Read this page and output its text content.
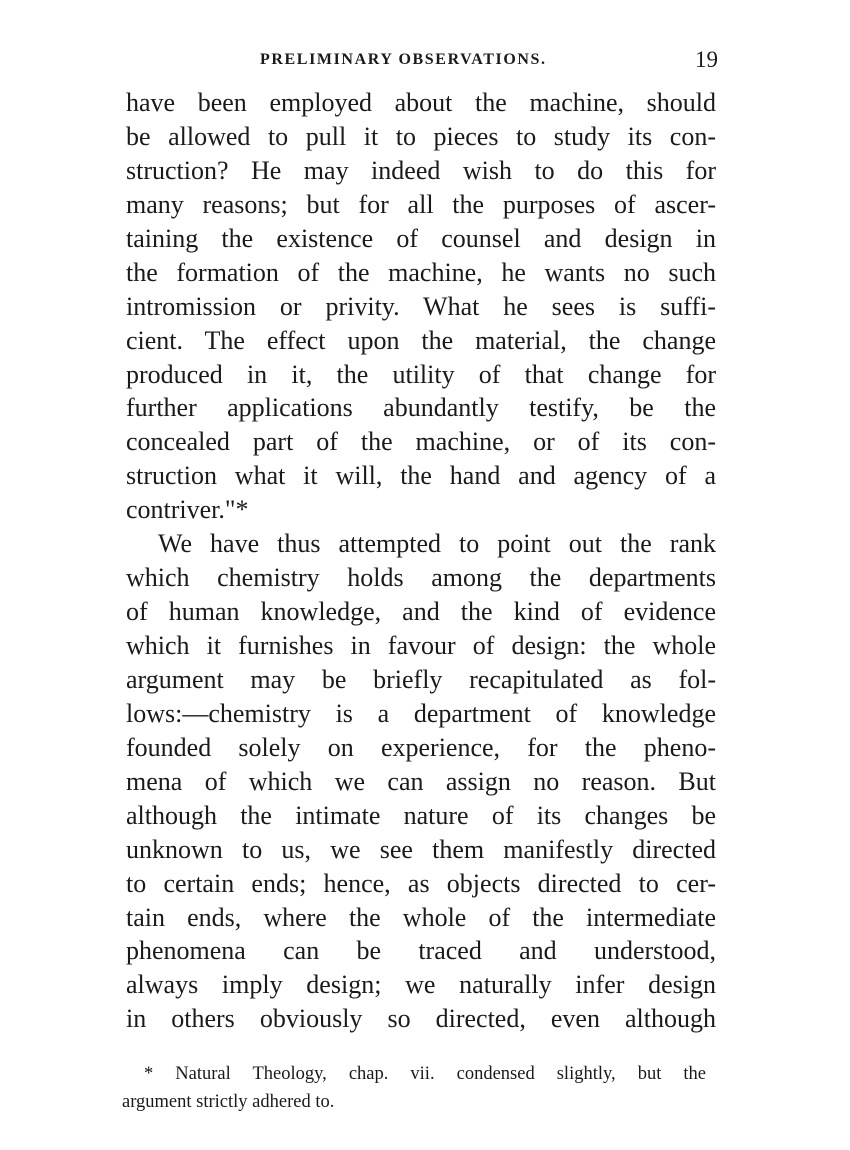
PRELIMINARY OBSERVATIONS.	19
have been employed about the machine, should
be allowed to pull it to pieces to study its con-
struction? He may indeed wish to do this for
many reasons; but for all the purposes of ascer-
taining the existence of counsel and design in
the formation of the machine, he wants no such
intromission or privity. What he sees is suffi-
cient. The effect upon the material, the change
produced in it, the utility of that change for
further applications abundantly testify, be the
concealed part of the machine, or of its con-
struction what it will, the hand and agency of a
contriver."*
We have thus attempted to point out the rank
which chemistry holds among the departments
of human knowledge, and the kind of evidence
which it furnishes in favour of design: the whole
argument may be briefly recapitulated as fol-
lows:—chemistry is a department of knowledge
founded solely on experience, for the pheno-
mena of which we can assign no reason. But
although the intimate nature of its changes be
unknown to us, we see them manifestly directed
to certain ends; hence, as objects directed to cer-
tain ends, where the whole of the intermediate
phenomena can be traced and understood,
always imply design; we naturally infer design
in others obviously so directed, even although
* Natural Theology, chap. vii. condensed slightly, but the
argument strictly adhered to.
